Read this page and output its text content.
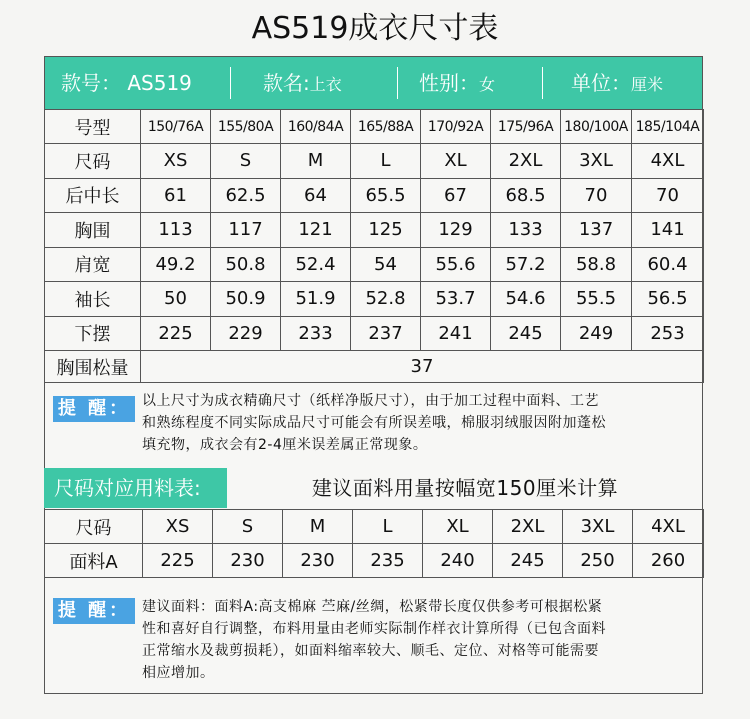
AS519成衣尺寸表
款号： AS519	款名:上衣	性别：女	单位：厘米
号型	150/76A	155/80A	160/84A	165/88A	170/92A	175/96A	180/100A	185/104A
尺码	XS	S	M	L	XL	2XL	3XL	4XL
后中长	61	62.5	64	65.5	67	68.5	70	70
胸围	113	117	121	125	129	133	137	141
肩宽	49.2	50.8	52.4	54	55.6	57.2	58.8	60.4
袖长	50	50.9	51.9	52.8	53.7	54.6	55.5	56.5
下摆	225	229	233	237	241	245	249	253
胸围松量	37							
提 醒： 以上尺寸为成衣精确尺寸（纸样净版尺寸），由于加工过程中面料、工艺
和熟练程度不同实际成品尺寸可能会有所误差哦，棉服羽绒服因附加蓬松
填充物，成衣会有2-4厘米误差属正常现象。
尺码对应用料表:	建议面料用量按幅宽150厘米计算
尺码	XS	S	M	L	XL	2XL	3XL	4XL
面料A	225	230	230	235	240	245	250	260
提 醒： 建议面料：面料A:高支棉麻 苎麻/丝绸，松紧带长度仅供参考可根据松紧
性和喜好自行调整，布料用量由老师实际制作样衣计算所得（已包含面料
正常缩水及裁剪损耗），如面料缩率较大、顺毛、定位、对格等可能需要
相应增加。
